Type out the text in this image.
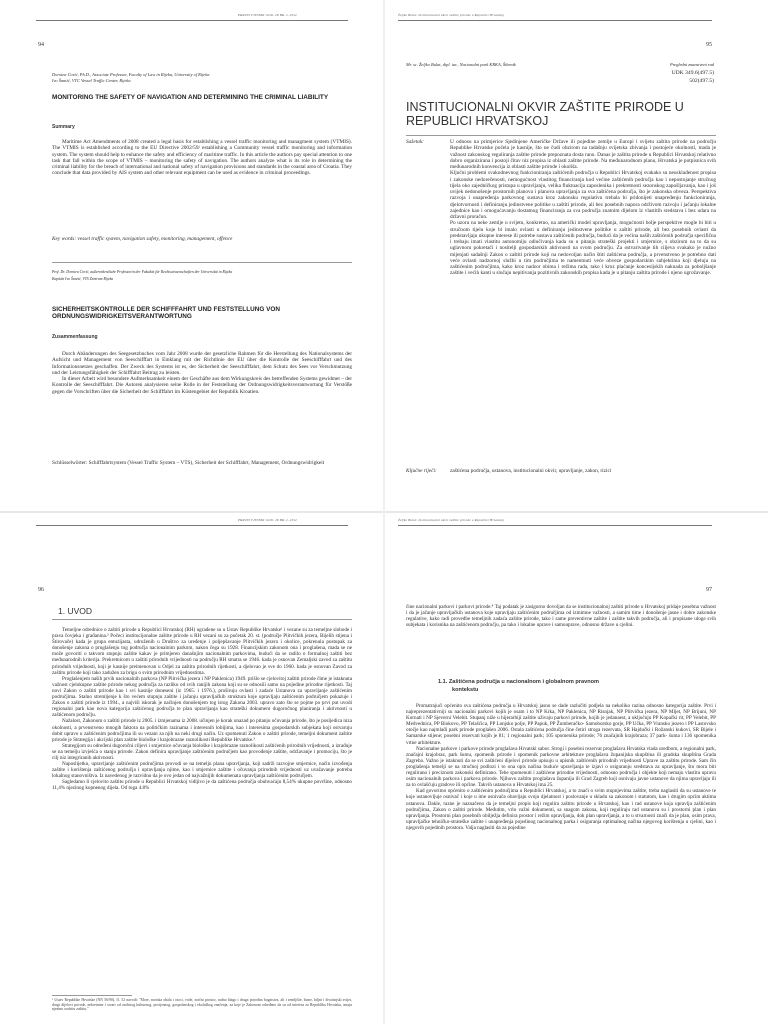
PRAVNI VJESNIK GOD. 28 BR. 2, 2012
94
Dorotea Ćorić, Ph.D., Associate Professor, Faculty of Law in Rijeka, University of Rijeka
Ivo Šantić, VTC Vessel Traffic Center, Rijeka
MONITORING THE SAFETY OF NAVIGATION AND DETERMINING THE CRIMINAL LIABILITY
Summary

Maritime Act Amendments of 2008 created a legal basis for establishing a vessel traffic monitoring and managment system (VTMIS). The VTMIS is established according to the EU Directive 2002/59/ establishing a Community vessel traffic monitoring and information system. The system should help to enhance the safety and efficiency of maritime traffic. In this article the authors pay special attention to one task that fall within the scope of VTMIS – monitoring the safety of navigation. The authors analyze what is its role in determining the criminal liability for the breach of international and national safety of navigation provisions and standards in the coastal area of Croatia. They conclude that data provided by AIS system and other relevant equipment can be used as evidence in criminal proceedings.

Key words: vessel traffic system, navigation safety, monitoring, management, offence
Prof. Dr. Dorotea Ćorić, außerordentliche Professorin der Fakultät für Rechtswissenschaften der Universität in Rijeka
Kapitän Ivo Šantić, VTS Zentrum Rijeka
SICHERHEITSKONTROLLE DER SCHIFFFAHRT UND FESTSTELLUNG VON ORDNUNGSWIDRIGKEITSVERANTWORTUNG
Zusammenfassung

Durch Abänderungen des Seegesetzbuches vom Jahr 2008 wurde der gesetzliche Rahmen für die Herstellung des Nationalsystems der Aufsicht und Management von Seeschifffart in Einklang mit der Richtlinie der EU über die Kontrolle der Seeschifffahrt und des Informationsnetzes geschaffen. Der Zweck des Systems ist es, der Sicherheit der Seeschifffahrt, dem Schutz des Sees vor Verschmutzung und der Leistungsfähigkeit der Schifffahrt Beitrag zu leisten.

In dieser Arbeit wird besondere Aufmerksamkeit einem der Geschäfte aus dem Wirkungskreis des betreffenden Systems gewidmet – der Kontrolle der Seeschifffahrt. Die Autoren analysieren seine Rolle in der Feststellung der Ordnungswidrigkeitsverantwortung für Verstöße gegen die Vorschriften über die Sicherheit der Schifffahrt im Küstengebiet der Republik Kroatien.

Schlüsselwörter: Schifffahrtsystem (Vessel Traffic System – VTS), Sicherheit der Schifffahrt, Management, Ordnungswidrigkeit
Željko Bulat: Institucionalni okvir zaštite prirode u Republici Hrvatskoj
95
Mr. sc. Željko Bulat, dipl. iur., Nacionalni park KRKA, Šibenik	Pregledni znanstveni rad
UDK 349.6(497.5)
502(497.5)
INSTITUCIONALNI OKVIR ZAŠTITE PRIRODE U REPUBLICI HRVATSKOJ
Sažetak:	U odnosu na primjerice Sjedinjene Američke Države ili pojedine zemlje u Europi i svijetu zaštita prirode na području Republike Hrvatske počela je kasnije, što ne čudi obzirom na tadašnju svijetska zbivanja i postojeće okolnosti, mada je važnost zakonskog reguliranja zaštite prirode prepoznata dosta rano. Danas je zaštita prirode u Republici Hrvatskoj relativno dobro organizirana i postoji čitav niz propisa iz oblasti zaštite prirode. Na međunarodnom planu, Hrvatska je potpisnica svih međunarodnih konvencija iz oblasti zaštite prirode i okoliša.

Ključni problemi svakodnevnog funkcioniranja zaštićenih područja u Republici Hrvatskoj svakako su neusklađenost propisa i zakonske nedorečenosti, nemogućnost vlastitog financiranja kod većine zaštićenih područja kao i nepostojanje stručnog tijela oko zajedničkog pristupa u upravljanju, velika fluktuacija zaposlenika i prekretnosti sezonskog zapošljavanja, kao i još uvijek nedonošenje prostornih planova i planova upravljanja za sva zaštićena područja, što je zakonska obveza. Perspektiva razvoja i unapređenja parkovnog sustava kroz zakonsku regulativu trebala bi pridonijeti unapređenju funkcioniranja, djelotvornosti i definiranju jedinstvene politike u zaštiti prirode, ali bez posebnih napora održivom razvoju i jačanju lokalne zajednice kao i omogućavanju dostatnog financiranja za sva područja znatnim dijelom iz vlastitih sredstava i bez udara na državni proračun.

Po uzoru na neke zemlje u svijetu, konkretno, na američki model upravljanja, mogućnosti bolje perspektive mogle bi biti u stručnom tijelu koje bi imalo ovlasti u definiranju jedinstvene politike u zaštiti prirode, ali bez posebnih ovlasti da predstavljaju ukupne interese ili potrebe sustava zaštićenih područja, budući da je većina naših zaštićenih područja specifična i trebaju imati vlastitu autonomiju odlučivanja kada su u pitanju strateški projekti i smjernice, s obzirom na to da su uglavnom pokretači i nositelji gospodarskih aktivnosti na svom području. Za ostvarivanje tih ciljeva svakako je nužno mijenjati sadašnji Zakon o zaštiti prirode koji na nedovoljan način štiti zaštićena područja, a prvenstveno je potrebno dati veće ovlasti nadzornoj službi u tim područjima te namentnuti veće obveze gospodarskim subjektima koji djeluju na zaštićenim područjima, kako kroz nadzor obima i režima rada, tako i kroz plaćanje koncesijskih naknada za pobolјšanje zaštite i većih kanti u slučaju nepitivanja pozitivnih zakonskih propisa kada je u pitanju zaštita prirode i njeno ugrožavanje.

Ključne riječi:	zaštićena područja, ustanova, institucionalni okvir, upravljanje, zakon, rizici
PRAVNI VJESNIK GOD. 28 BR. 2, 2012
96
1. UVOD

Temeljne odrednice o zaštiti prirode u Republici Hrvatskoj (RH) ugrađene su u Ustav Republike Hrvatske¹ i vezane su za temeljne slobode i prava čovjeka i građanina.² Počeci institucijonalne zaštite prirode u RH vezani su za početak 20. st. (područje Plitvičkih jezera, Bijelih stijena i Štirovače) kada je grupa entuzijasta, udruženih u Društvo za uređenje i poljepšavanje Plitvičkih jezera i okolice, pokrenula postupak za donošenje zakona o proglašenju tog područja nacionalnim parkom, nakon čega su 1928. Financijskim zakonom ona i proglašena, mada se ne može govoriti o takvom stupnju zaštite kakav je primjeren današnjim nacionalnim parkovima, budući da se radilo o formalnoj zaštiti bez međunarodnih kriterija. Prekretnicom u zaštiti prirodnih vrijednosti na području RH smatra se 1946. kada je osnovan Zemaljski zavod za zaštitu prirodnih vrijednosti, koji je kasnije preimenovan u Odjel za zaštitu prirodnih rijetkosti, a djelovao je sve do 1960. kada je osnovan Zavod za zaštitu prirode koji tako zadužen za brigu o svim prirodnim vrijednostima.

Proglašenjem naših prvih nacionalnih parkova (NP Plitvička jezera i NP Paklenica) 1949. prišlo se cjelovitoj zaštiti prirode čime je istaknuta važnost cjelokupne zaštite prirode nekog područja za razliku od svih ranijih zakona koji su se odnosili samo na pojedine prirodne rijetkosti. Taj novi Zakon o zaštiti prirode kao i svi kasnije doneseni (iz 1965. i 1976.), proširuju ovlasti i zadaće Ustanova za upravljanje zaštićenim područjima. Stalno stremljenje k što većem stupnju zaštite i jačanju upravljačkih struktura koje upravljaju zaštićenim područjem pokazuje i Zakon o zaštiti prirode iz 1994., a najviši iskorak je načinjen donošenjem tog istog Zakona 2003. upravo zato što se pojme po prvi put uvodi regionalni park kao nova kategorija zaštićenog područja te plan upravljanja kao strateški dokument dugoročnog planiranja i aktivnosti u zaštićenom području.

Nažalost, Zakonom o zaštiti prirode iz 2005. i izmjenama iz 2008. učinjen je korak unazad po pitanju očuvanja prirode, što je posljedica niza okolnosti, a prvenstveno mnogih faktora na političkim razinama i interesnih lobijima, kao i interesima gospodarskih subjekata koji ostvaruju dobit upravo u zaštićenim područjima ili su vezani za njih na neki drugi način. Uz spomenuti Zakon o zaštiti prirode, temeljni dokument zaštite prirode je Strategija i akcijski plan zaštite biološke i krajobrazne raznolikosti Republike Hrvatske.³

Strategijom su određeni dugoročni ciljevi i smjernice očuvanja biološke i krajobrazne raznolikosti zaštićenih prirodnih vrijednosti, a izrađuje se na temelju izvješća o stanju prirode. Zakon definira upravljanje zaštićenim područjem kao provođenje zaštite, održavanje i promociju, što je cilj niz integriranih aktivnosti.

Naposlijetku, upravljanje zaštićenim područjima provodi se na temelju plana upravljanja, koji sadrži razvojne smjernice, način izvođenja zaštite i korištenja zaštićenog područja i upravljanja njime, kao i smjernice zaštite i očuvanja prirodnih vrijednosti uz uvažavanje potreba lokalnog stanovništva. Iz navedenog je razvidno da je ovo jedan od najvažnijih dokumenata upravljanja zaštićenim područjem.

Sagledamo li cjelovito zaštitu prirode u Republici Hrvatskoj vidljivo je da zaštićena područja obuhvaćaju 8,54% ukupne površine, odnosno 11,4% njezinog kopnenog dijela. Od toga 4.8%

¹ Ustav Republike Hrvatske (NN 56/90), čl. 52 navodi: "More, morska obala i otoci, vode, zračni prostor, rudno blago i druga prirodna bogatstva, ali i zemljište, šume, biljni i životinjski svijet, drugi dijelovi prirode, nekretnine i stvari od osobitog kulturnog, povijesnog, gospodarskog i ekološkog značenja, za koje je Zakonom određeno da su od interesa za Republiku Hrvatsku, imaju njezinu osobitu zaštitu."

Željko Bulat: Institucionalni okvir zaštite prirode u Republici Hrvatskoj
97

čine nacionalni parkovi i parkovi prirode.⁴ Taj podatak je zasigurno dovoljan da se institucionalnoj zaštiti prirode u Hrvatskoj pridaje posebna važnost i da je jačanje upravljačkih ustanova koje upravljaju zaštićenim područjima od izmimne važnosti, a samim time i donošenje jasne i dobre zakonske regulative, kako radi provedbe temeljnih zadaća zaštite prirode, tako i same preventivne zaštite i zaštite takvih područja, ali i propisane uloge svih subjekata i korisnika na zaštićenom području, pa tako i lokalne uprave i samouprave, odnosno države u cjelini.

1.1. Zaštićena područja u nacionalnom i globalnom pravnom
kontekstu

Promatrajući općenito sva zaštićena područja u Hrvatskoj jasno se dade razlučiti podjela na nekoliko razina odnosno kategorija zaštite. Prvi i najreprezentativniji su nacionalni parkovi kojih je osam i to NP Krka, NP Paklenica, NP Risnjak, NP Plitvička jezera, NP Mljet, NP Brijuni, NP Kornati i NP Sjeverni Velebit. Stupanj niže u hijerarhiji zaštite uživaju parkovi prirode, kojih je jedanaest, a uključuju PP Kopački rit, PP Velebit, PP Medvednica, PP Biokovo, PP Telašćica, PP Lonjsko polje, PP Papuk, PP Žumberačko- Samoborsko gorje, PP Učka, PP Vransko jezero i PP Lastovsko otočje kao najmlađi park prirode proglašen 2006. Ostala zaštićena područja čine četiri stroga rezervata, SR Hajdučki i Rožanski kukovi, SR Bijele i Samarske stijene; posebni rezervati kojih je 81; 1 regionalni park; 105 spomenika prirode; 76 značajnih krajobraza; 37 park- šuma i 136 spomenika vrtne arhitekture.

Nacionalne parkove i parkove prirode proglašava Hrvatski sabor. Strogi i posebni rezervat proglašava Hrvatska vlada uredbom, a regionalni park, značajni krajobraz, park šumu, spomenik prirode i spomenik parkovne arhitekture proglašava županijska skupština ili gradska skupština Grada Zagreba. Važno je istaknuti da se svi zaštićeni dijelovi prirode upisuju u upisnik zaštićenih prirodnih vrijednosti Uprave za zaštitu prirode. Sam čin proglašenja temelji se na stručnoj podlozi i to ona opis načina buduće upravljanja te izjavi o osiguranju sredstava za upravljanje, što mora biti regulirano i preciznom zakonski definirano. Tebe spomenuti i zaštićene prirodne vrijednosti, odnosno područja i objekte koji nemaju vlastitu upravu osim nacionalnih parkova i parkova prirode. Njihovo zaštitu proglašava županija ili Grad Zagreb koji osnivaju javne ustanove da njima upravljaju ili za to ovlašćuju gradove ili općine. Takvih ustanova u Hrvatskoj ima 25.

Kad govorimo općenito o zaštićenim područjima u Republici Hrvatskoj, a to znači o svim stupnjevima zaštite, treba naglasiti da su ustanove te koje ustanovljuje osnivač i koje u ime osnivača obavljaju svoju djelatnost i poslovanje u skladu sa zakonom i statutom, kao i drugim općim aktima ustanova. Dakle, razne je naznačeno da je temeljni propis koji regulira zaštitu prirode u Hrvatskoj, kao i rad ustanove koja upravlja zaštićenim područjima, Zakon o zaštiti prirode. Međutim, vrlo važni dokumenti, sa snagom zakona, koji reguliraju rad ustanova su i prostorni plan i plan upravljanja. Prostorni plan posebnih obilježja definira prostor i režim upravljanja, dok plan upravljanja, a to u stvarnosti znači da je plan, osim prava, upravljačke tehničko-strateške zaštite i unapređenja pojedinog nacionalnog parka i osiguranja optimalnog načina njegovog korištenja u cjelini, kao i njegovih pojedinih prostora. Valja naglasiti da za pojedine
